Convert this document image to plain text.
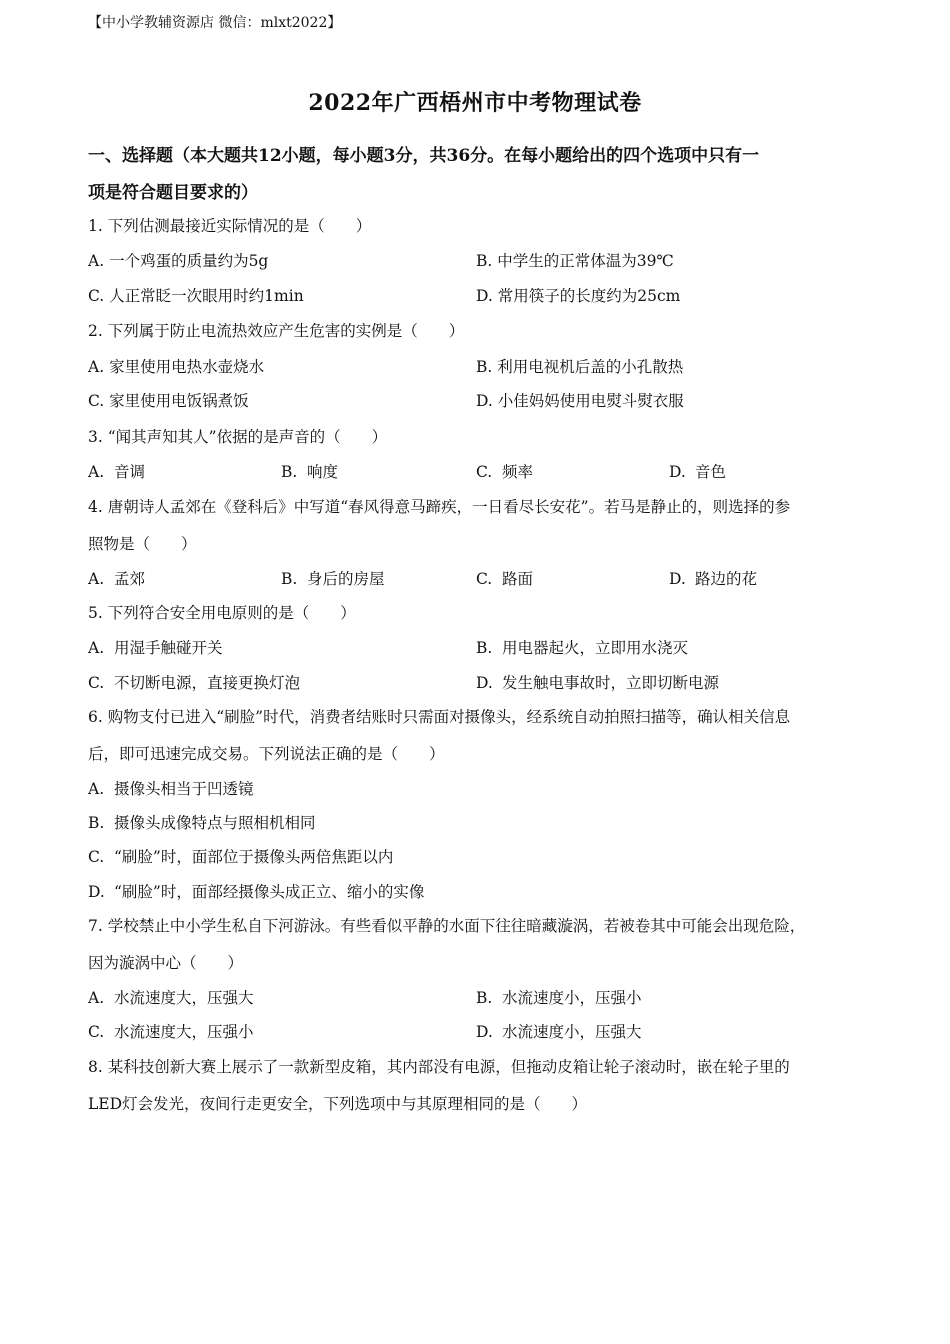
【中小学教辅资源店 微信：mlxt2022】
2022年广西梧州市中考物理试卷
一、选择题（本大题共12小题，每小题3分，共36分。在每小题给出的四个选项中只有一
项是符合题目要求的）
1. 下列估测最接近实际情况的是（　　）
A. 一个鸡蛋的质量约为5g	B. 中学生的正常体温为39℃
C. 人正常眨一次眼用时约1min	D. 常用筷子的长度约为25cm
2. 下列属于防止电流热效应产生危害的实例是（　　）
A. 家里使用电热水壶烧水	B. 利用电视机后盖的小孔散热
C. 家里使用电饭锅煮饭	D. 小佳妈妈使用电熨斗熨衣服
3. “闻其声知其人”依据的是声音的（　　）
A. 音调	B. 响度	C. 频率	D. 音色
4. 唐朝诗人孟郊在《登科后》中写道“春风得意马蹄疾，一日看尽长安花”。若马是静止的，则选择的参
照物是（　　）
A. 孟郊	B. 身后的房屋	C. 路面	D. 路边的花
5. 下列符合安全用电原则的是（　　）
A. 用湿手触碰开关	B. 用电器起火，立即用水浇灭
C. 不切断电源，直接更换灯泡	D. 发生触电事故时，立即切断电源
6. 购物支付已进入“刷脸”时代，消费者结账时只需面对摄像头，经系统自动拍照扫描等，确认相关信息
后，即可迅速完成交易。下列说法正确的是（　　）
A. 摄像头相当于凹透镜
B. 摄像头成像特点与照相机相同
C. “刷脸”时，面部位于摄像头两倍焦距以内
D. “刷脸”时，面部经摄像头成正立、缩小的实像
7. 学校禁止中小学生私自下河游泳。有些看似平静的水面下往往暗藏漩涡，若被卷其中可能会出现危险，
因为漩涡中心（　　）
A. 水流速度大，压强大	B. 水流速度小，压强小
C. 水流速度大，压强小	D. 水流速度小，压强大
8. 某科技创新大赛上展示了一款新型皮箱，其内部没有电源，但拖动皮箱让轮子滚动时，嵌在轮子里的
LED灯会发光，夜间行走更安全，下列选项中与其原理相同的是（　　）
